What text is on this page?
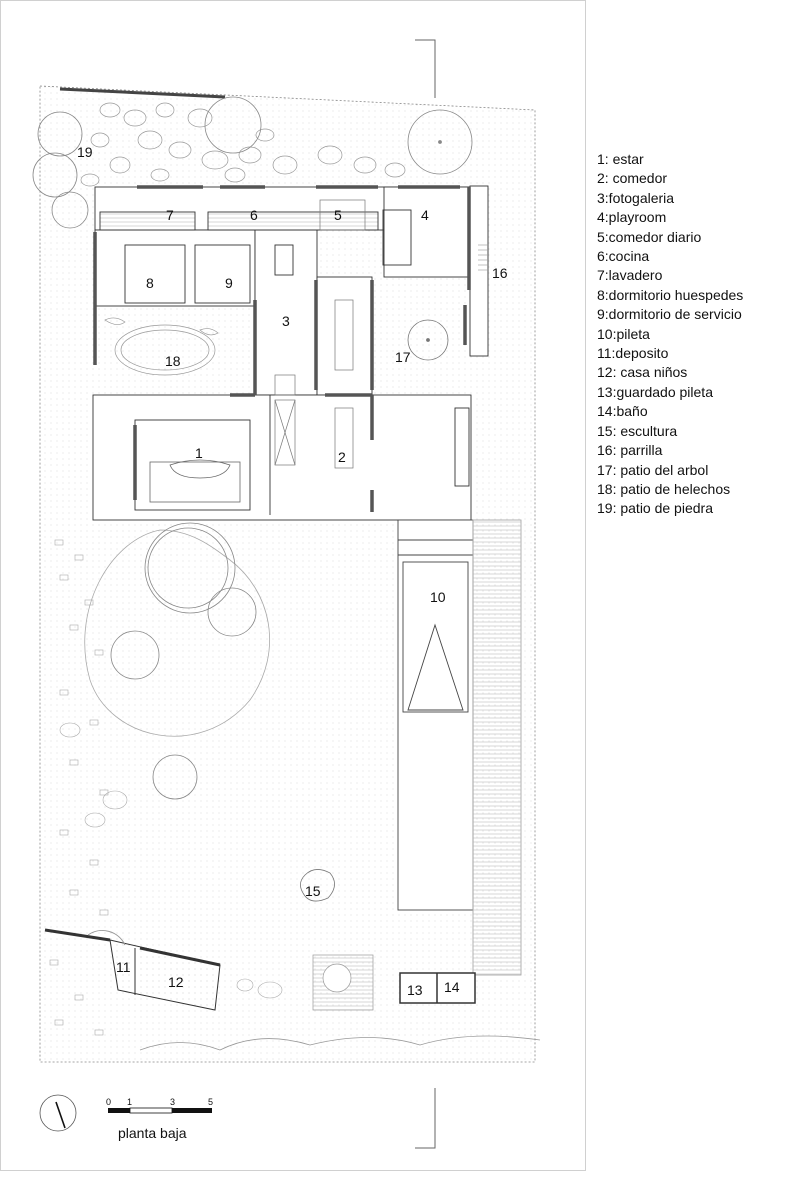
1	2
3
4
5
6
7
8	9
10
11
12	13 14
15
16
17
18
19
0 1	3	5
1: estar
2: comedor
3:fotogaleria
4:playroom
5:comedor diario
6:cocina
7:lavadero
8:dormitorio huespedes
9:dormitorio de servicio
10:pileta
11:deposito
12: casa niños
13:guardado pileta
14:baño
15: escultura
16: parrilla
17: patio del arbol
18: patio de helechos
19: patio de piedra
planta baja
